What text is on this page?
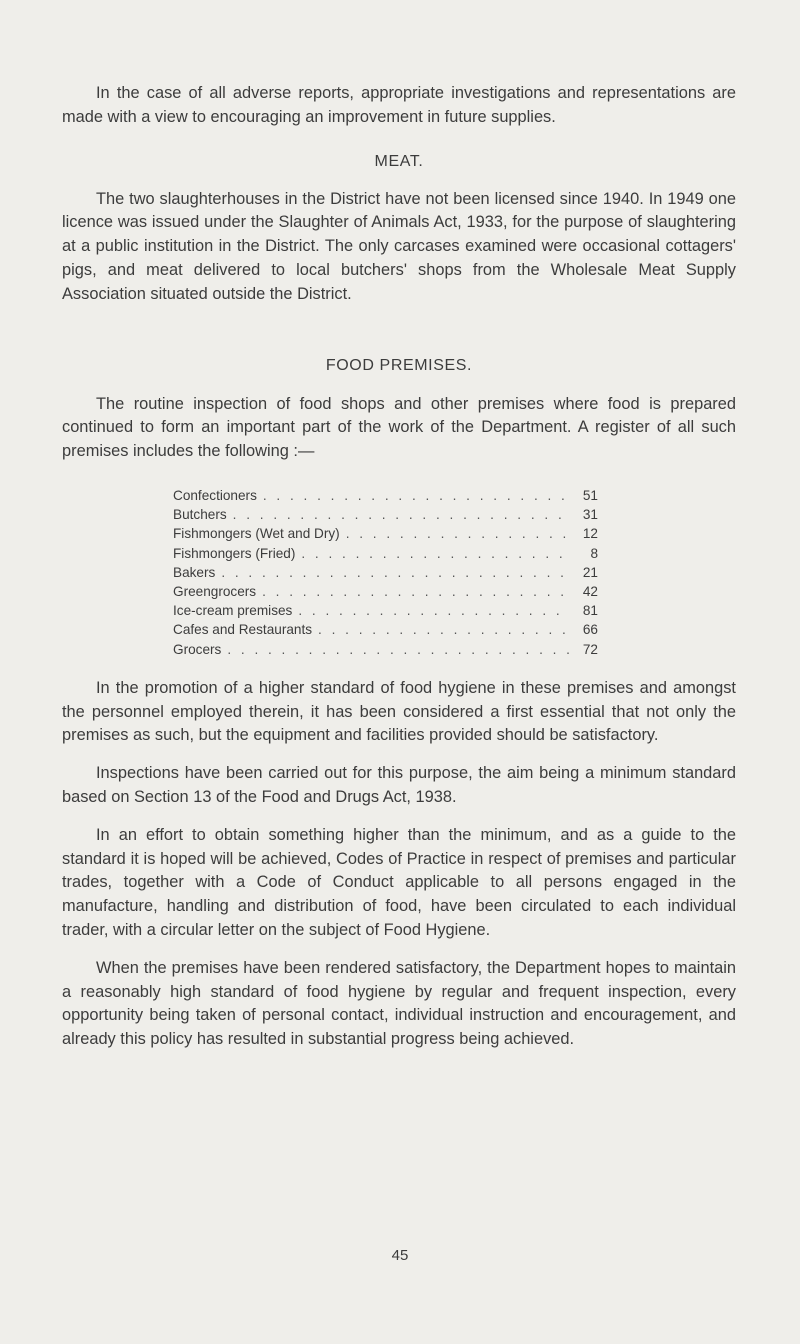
In the case of all adverse reports, appropriate investigations and representations are made with a view to encouraging an improvement in future supplies.

MEAT.

The two slaughterhouses in the District have not been licensed since 1940. In 1949 one licence was issued under the Slaughter of Animals Act, 1933, for the purpose of slaughtering at a public institution in the District. The only carcases examined were occasional cottagers' pigs, and meat delivered to local butchers' shops from the Wholesale Meat Supply Association situated outside the District.

FOOD PREMISES.

The routine inspection of food shops and other premises where food is prepared continued to form an important part of the work of the Department. A register of all such premises includes the following :—

Confectioners . . .	51
Butchers . . .	31
Fishmongers (Wet and Dry) . . .	12
Fishmongers (Fried) . . .	8
Bakers . . .	21
Greengrocers . . .	42
Ice-cream premises . . .	81
Cafes and Restaurants . . .	66
Grocers . . .	72

In the promotion of a higher standard of food hygiene in these premises and amongst the personnel employed therein, it has been considered a first essential that not only the premises as such, but the equipment and facilities provided should be satisfactory.

Inspections have been carried out for this purpose, the aim being a minimum standard based on Section 13 of the Food and Drugs Act, 1938.

In an effort to obtain something higher than the minimum, and as a guide to the standard it is hoped will be achieved, Codes of Practice in respect of premises and particular trades, together with a Code of Conduct applicable to all persons engaged in the manufacture, handling and distribution of food, have been circulated to each individual trader, with a circular letter on the subject of Food Hygiene.

When the premises have been rendered satisfactory, the Department hopes to maintain a reasonably high standard of food hygiene by regular and frequent inspection, every opportunity being taken of personal contact, individual instruction and encouragement, and already this policy has resulted in substantial progress being achieved.

45
